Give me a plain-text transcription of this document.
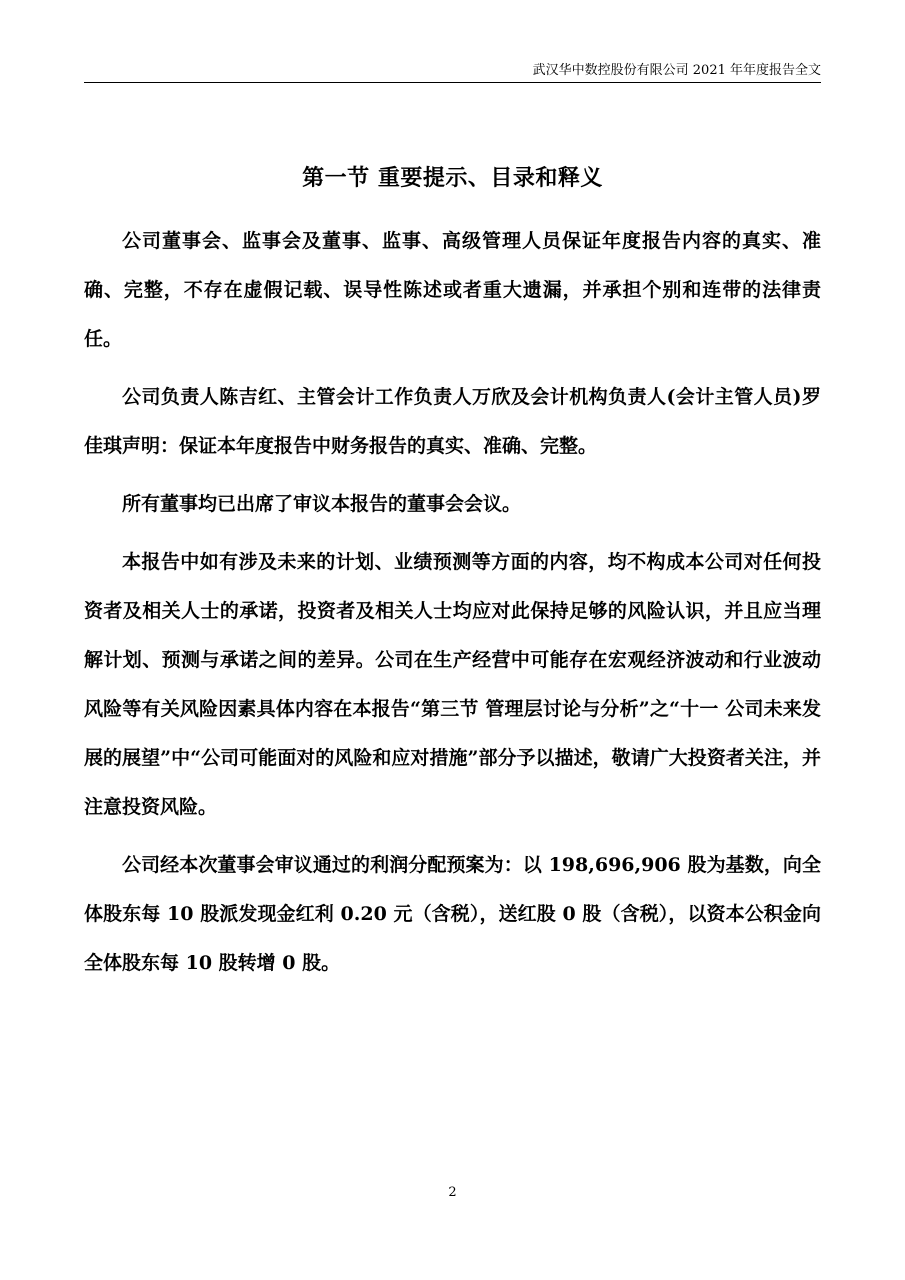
武汉华中数控股份有限公司 2021 年年度报告全文
第一节 重要提示、目录和释义

公司董事会、监事会及董事、监事、高级管理人员保证年度报告内容的真实、准确、完整，不存在虚假记载、误导性陈述或者重大遗漏，并承担个别和连带的法律责任。

公司负责人陈吉红、主管会计工作负责人万欣及会计机构负责人(会计主管人员)罗佳琪声明：保证本年度报告中财务报告的真实、准确、完整。

所有董事均已出席了审议本报告的董事会会议。

本报告中如有涉及未来的计划、业绩预测等方面的内容，均不构成本公司对任何投资者及相关人士的承诺，投资者及相关人士均应对此保持足够的风险认识，并且应当理解计划、预测与承诺之间的差异。公司在生产经营中可能存在宏观经济波动和行业波动风险等有关风险因素具体内容在本报告“第三节 管理层讨论与分析”之“十一 公司未来发展的展望”中“公司可能面对的风险和应对措施”部分予以描述，敬请广大投资者关注，并注意投资风险。

公司经本次董事会审议通过的利润分配预案为：以 198,696,906 股为基数，向全体股东每 10 股派发现金红利 0.20 元（含税），送红股 0 股（含税），以资本公积金向全体股东每 10 股转增 0 股。

2
